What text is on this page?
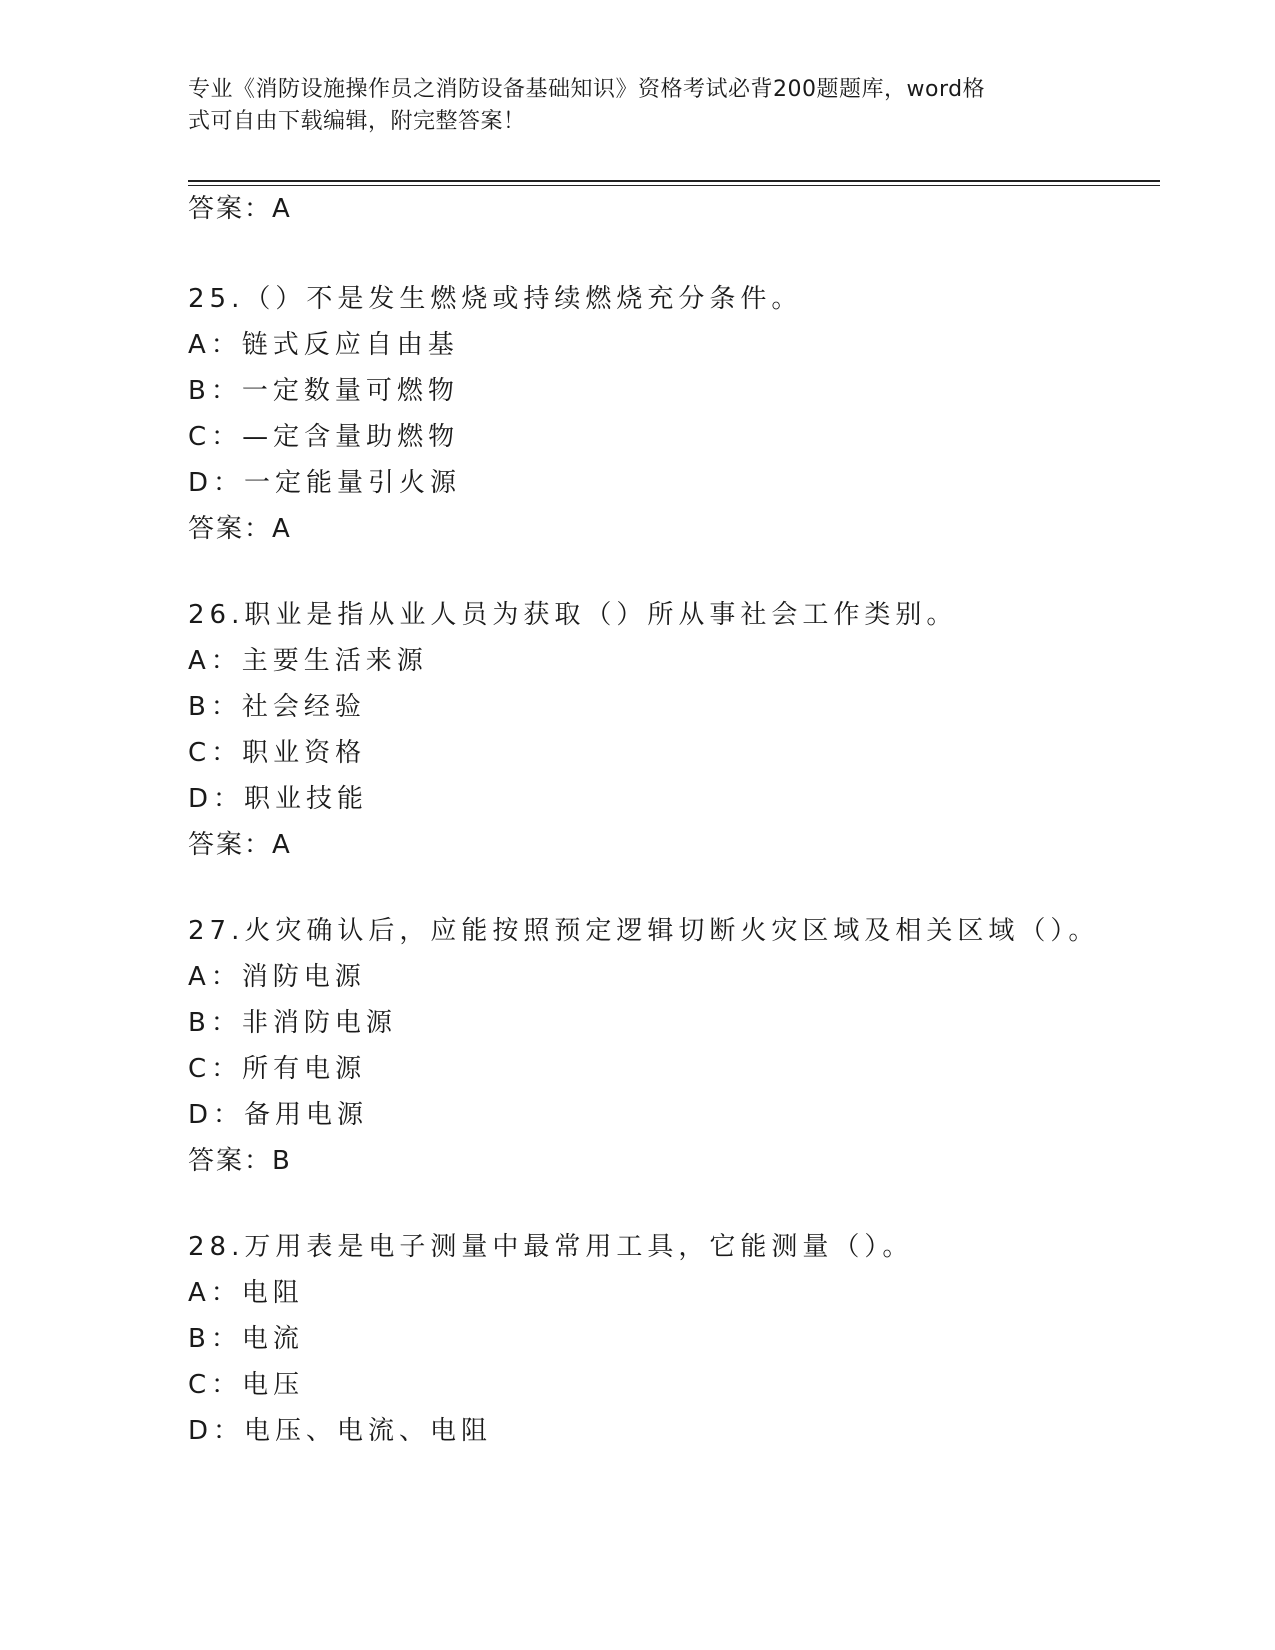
专业《消防设施操作员之消防设备基础知识》资格考试必背200题题库，word格
式可自由下载编辑，附完整答案！
答案：A
25.（）不是发生燃烧或持续燃烧充分条件。
A：链式反应自由基
B：一定数量可燃物
C：—定含量助燃物
D：一定能量引火源
答案：A
26.职业是指从业人员为获取（）所从事社会工作类别。
A：主要生活来源
B：社会经验
C：职业资格
D：职业技能
答案：A
27.火灾确认后，应能按照预定逻辑切断火灾区域及相关区域（）。
A：消防电源
B：非消防电源
C：所有电源
D：备用电源
答案：B
28.万用表是电子测量中最常用工具，它能测量（）。
A：电阻
B：电流
C：电压
D：电压、电流、电阻
